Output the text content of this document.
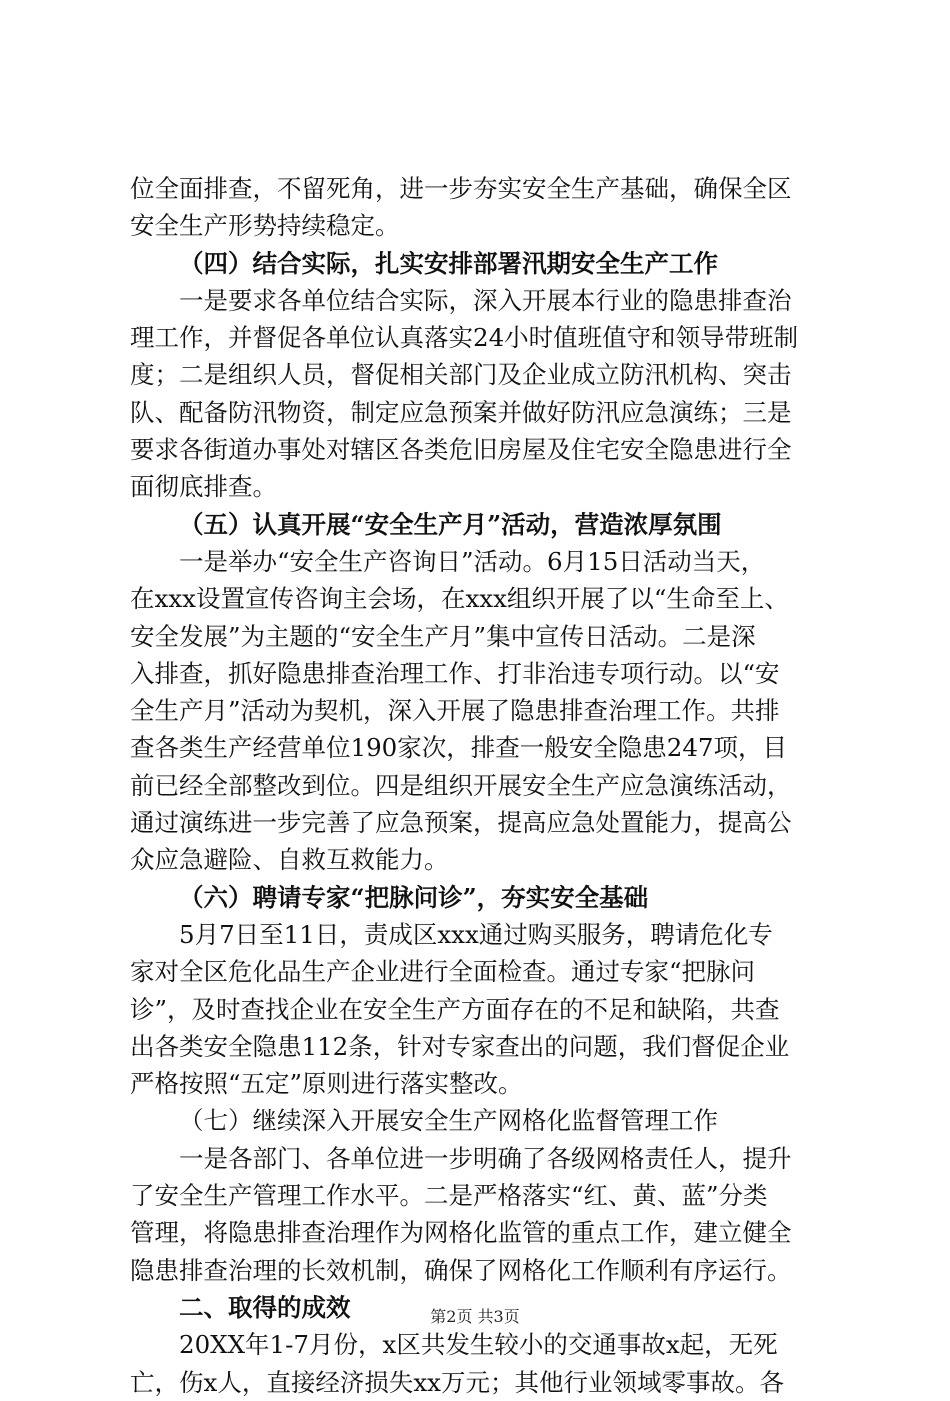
位全面排查，不留死角，进一步夯实安全生产基础，确保全区
安全生产形势持续稳定。
（四）结合实际，扎实安排部署汛期安全生产工作
一是要求各单位结合实际，深入开展本行业的隐患排查治
理工作，并督促各单位认真落实24小时值班值守和领导带班制
度；二是组织人员，督促相关部门及企业成立防汛机构、突击
队、配备防汛物资，制定应急预案并做好防汛应急演练；三是
要求各街道办事处对辖区各类危旧房屋及住宅安全隐患进行全
面彻底排查。
（五）认真开展“安全生产月”活动，营造浓厚氛围
一是举办“安全生产咨询日”活动。6月15日活动当天，
在xxx设置宣传咨询主会场，在xxx组织开展了以“生命至上、
安全发展”为主题的“安全生产月”集中宣传日活动。二是深
入排查，抓好隐患排查治理工作、打非治违专项行动。以“安
全生产月”活动为契机，深入开展了隐患排查治理工作。共排
查各类生产经营单位190家次，排查一般安全隐患247项，目
前已经全部整改到位。四是组织开展安全生产应急演练活动，
通过演练进一步完善了应急预案，提高应急处置能力，提高公
众应急避险、自救互救能力。
（六）聘请专家“把脉问诊”，夯实安全基础
5月7日至11日，责成区xxx通过购买服务，聘请危化专
家对全区危化品生产企业进行全面检查。通过专家“把脉问
诊”，及时查找企业在安全生产方面存在的不足和缺陷，共查
出各类安全隐患112条，针对专家查出的问题，我们督促企业
严格按照“五定”原则进行落实整改。
（七）继续深入开展安全生产网格化监督管理工作
一是各部门、各单位进一步明确了各级网格责任人，提升
了安全生产管理工作水平。二是严格落实“红、黄、蓝”分类
管理，将隐患排查治理作为网格化监管的重点工作，建立健全
隐患排查治理的长效机制，确保了网格化工作顺利有序运行。
二、取得的成效
20XX年1-7月份，x区共发生较小的交通事故x起，无死
亡，伤x人，直接经济损失xx万元；其他行业领域零事故。各
第2页 共3页
